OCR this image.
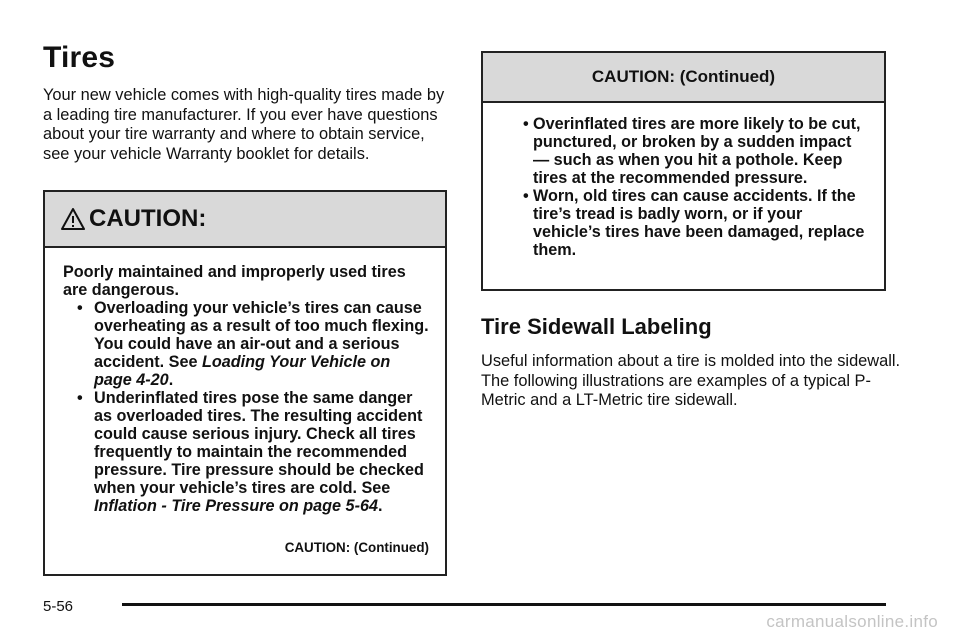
Tires

Your new vehicle comes with high-quality tires made by a leading tire manufacturer. If you ever have questions about your tire warranty and where to obtain service, see your vehicle Warranty booklet for details.

CAUTION:

Poorly maintained and improperly used tires are dangerous.

• Overloading your vehicle’s tires can cause overheating as a result of too much flexing. You could have an air-out and a serious accident. See Loading Your Vehicle on page 4-20.
• Underinflated tires pose the same danger as overloaded tires. The resulting accident could cause serious injury. Check all tires frequently to maintain the recommended pressure. Tire pressure should be checked when your vehicle’s tires are cold. See Inflation - Tire Pressure on page 5-64.
CAUTION: (Continued)
CAUTION: (Continued)
• Overinflated tires are more likely to be cut, punctured, or broken by a sudden impact — such as when you hit a pothole. Keep tires at the recommended pressure.
• Worn, old tires can cause accidents. If the tire’s tread is badly worn, or if your vehicle’s tires have been damaged, replace them.
Tire Sidewall Labeling

Useful information about a tire is molded into the sidewall. The following illustrations are examples of a typical P-Metric and a LT-Metric tire sidewall.

5-56
carmanualsonline.info
